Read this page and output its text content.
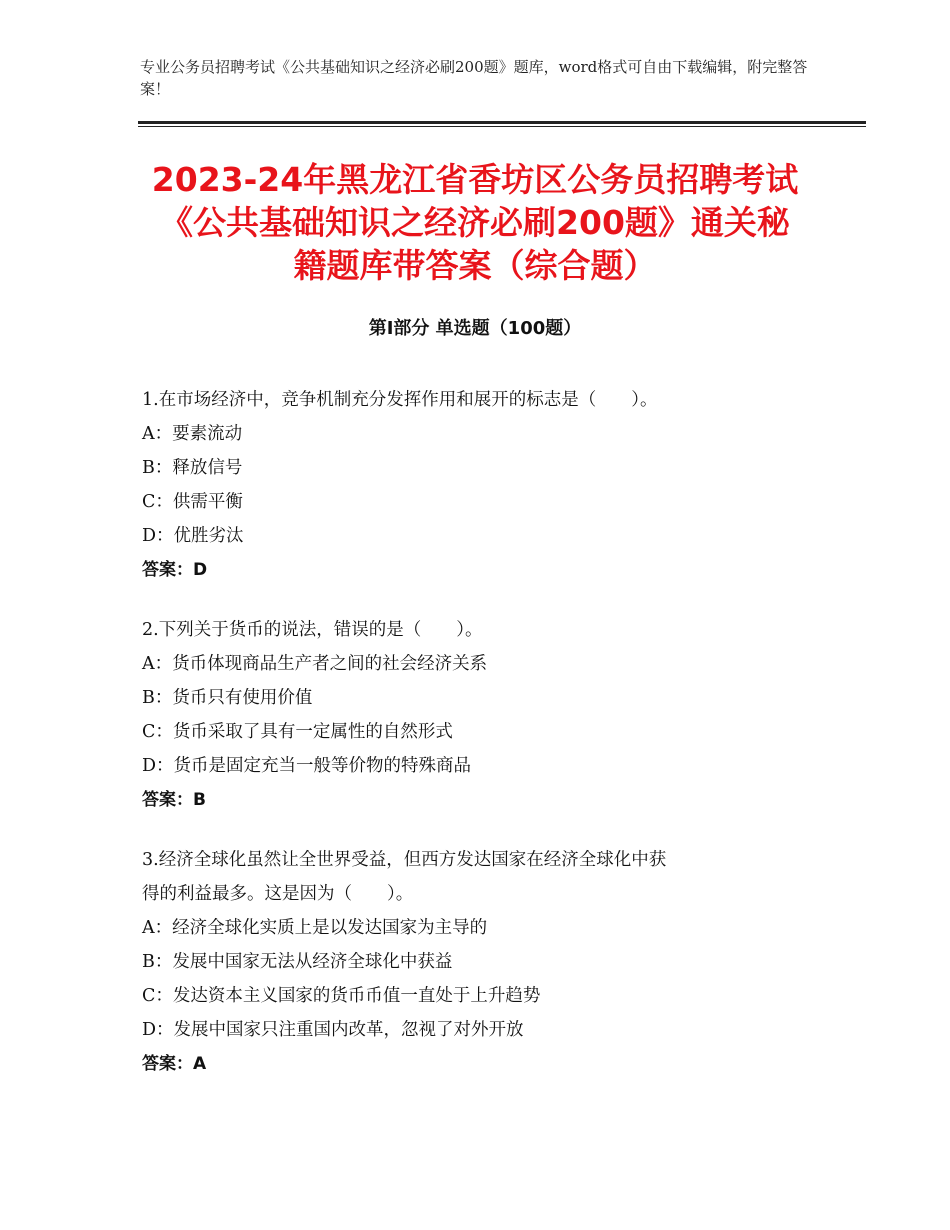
专业公务员招聘考试《公共基础知识之经济必刷200题》题库，word格式可自由下载编辑，附完整答案！
2023-24年黑龙江省香坊区公务员招聘考试
《公共基础知识之经济必刷200题》通关秘
籍题库带答案（综合题）
第Ⅰ部分 单选题（100题）
1.在市场经济中，竞争机制充分发挥作用和展开的标志是（　　）。
A：要素流动
B：释放信号
C：供需平衡
D：优胜劣汰
答案：D
2.下列关于货币的说法，错误的是（　　）。
A：货币体现商品生产者之间的社会经济关系
B：货币只有使用价值
C：货币采取了具有一定属性的自然形式
D：货币是固定充当一般等价物的特殊商品
答案：B
3.经济全球化虽然让全世界受益，但西方发达国家在经济全球化中获
得的利益最多。这是因为（　　）。
A：经济全球化实质上是以发达国家为主导的
B：发展中国家无法从经济全球化中获益
C：发达资本主义国家的货币币值一直处于上升趋势
D：发展中国家只注重国内改革，忽视了对外开放
答案：A
